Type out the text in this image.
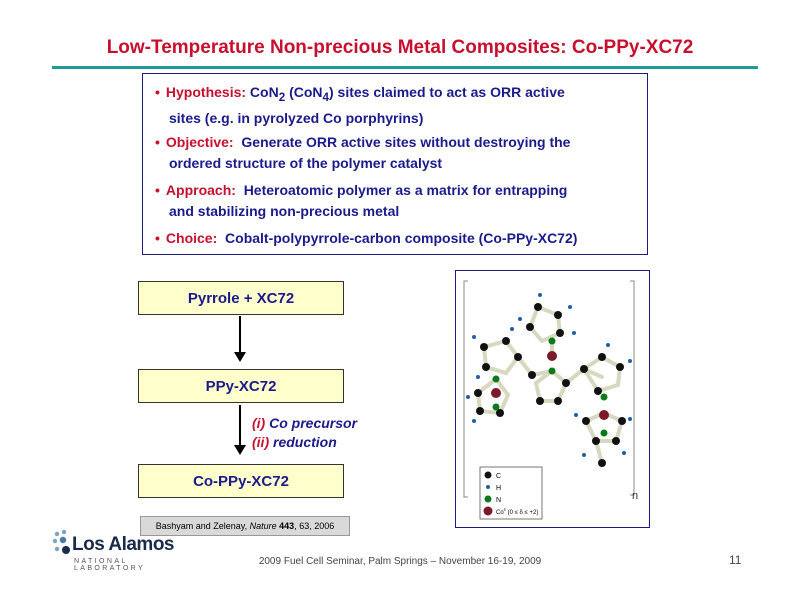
Low-Temperature Non-precious Metal Composites: Co-PPy-XC72
• Hypothesis: CoN$_2$ (CoN$_4$) sites claimed to act as ORR active
sites (e.g. in pyrolyzed Co porphyrins)
• Objective: Generate ORR active sites without destroying the
ordered structure of the polymer catalyst
• Approach: Heteroatomic polymer as a matrix for entrapping
and stabilizing non-precious metal
• Choice: Cobalt-polypyrrole-carbon composite (Co-PPy-XC72)
Pyrrole + XC72
PPy-XC72
(i) Co precursor
(ii) reduction
Co-PPy-XC72
Bashyam and Zelenay,
Nature
443 , 63, 2006
n
C
H
N
$Co^\delta$ (0 ≤ δ ≤ +2)
Los Alamos
NATIONAL LABORATORY
2009 Fuel Cell Seminar, Palm Springs – November 16-19, 2009	11
